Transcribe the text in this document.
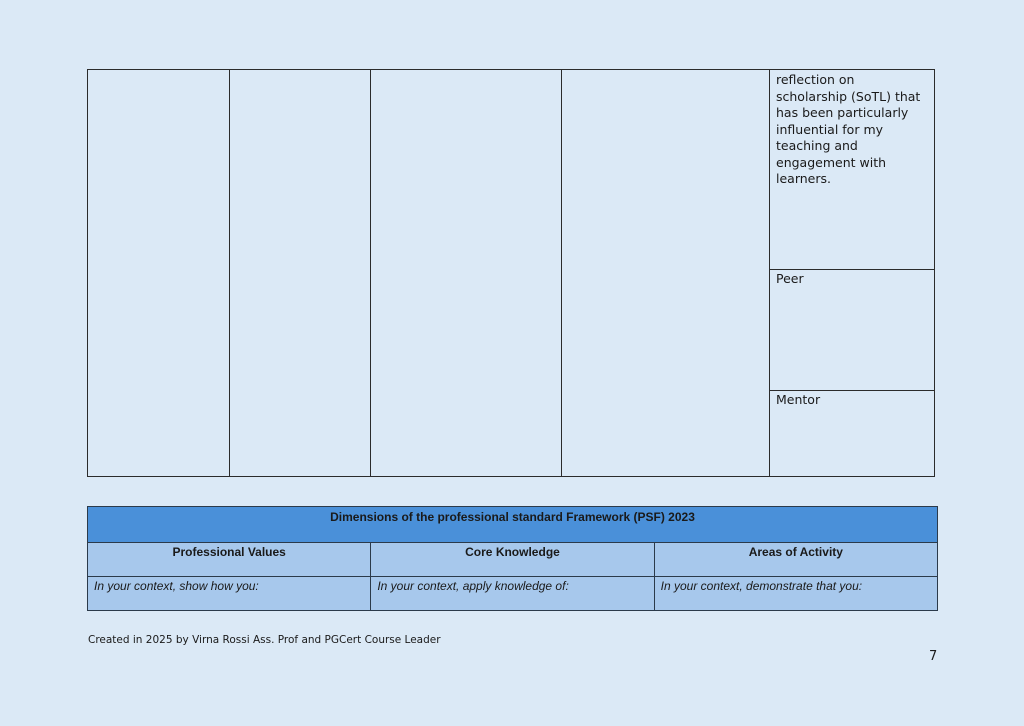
reflection on scholarship (SoTL) that has been particularly influential for my teaching and engagement with learners.

Peer

Mentor
Dimensions of the professional standard Framework (PSF) 2023		
Professional Values	Core Knowledge	Areas of Activity
In your context, show how you:	In your context, apply knowledge of:	In your context, demonstrate that you:
Created in 2025 by Virna Rossi Ass. Prof and PGCert Course Leader
7
